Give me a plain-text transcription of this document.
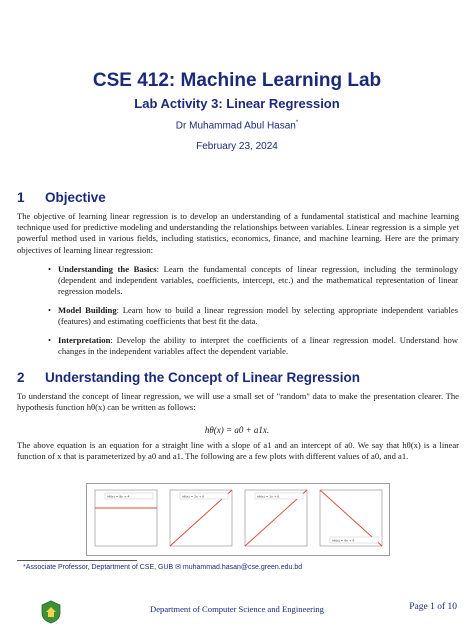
CSE 412: Machine Learning Lab
Lab Activity 3: Linear Regression
Dr Muhammad Abul Hasan*
February 23, 2024
1 Objective
The objective of learning linear regression is to develop an understanding of a fundamental statistical and machine learning technique used for predictive modeling and understanding the relationships between variables. Linear regression is a simple yet powerful method used in various fields, including statistics, economics, finance, and machine learning. Here are the primary objectives of learning linear regression:
• Understanding the Basics: Learn the fundamental concepts of linear regression, including the terminology (dependent and independent variables, coefficients, intercept, etc.) and the mathematical representation of linear regression models.
• Model Building: Learn how to build a linear regression model by selecting appropriate independent variables (features) and estimating coefficients that best fit the data.
• Interpretation: Develop the ability to interpret the coefficients of a linear regression model. Understand how changes in the independent variables affect the dependent variable.
2 Understanding the Concept of Linear Regression
To understand the concept of linear regression, we will use a small set of "random" data to make the presentation clearer. The hypothesis function hθ(x) can be written as follows:
hθ(x) = a0 + a1x.
The above equation is an equation for a straight line with a slope of a1 and an intercept of a0. We say that hθ(x) is a linear function of x that is parameterized by a0 and a1. The following are a few plots with different values of a0, and a1.
hθ(x) = 8x + 4	hθ(x) = 2x + 6	hθ(x) = 1x + 6
hθ(x) = 9x + 9
*Associate Professor, Deptartment of CSE, GUB ✉ muhammad.hasan@cse.green.edu.bd
Department of Computer Science and Engineering	Page 1 of 10
